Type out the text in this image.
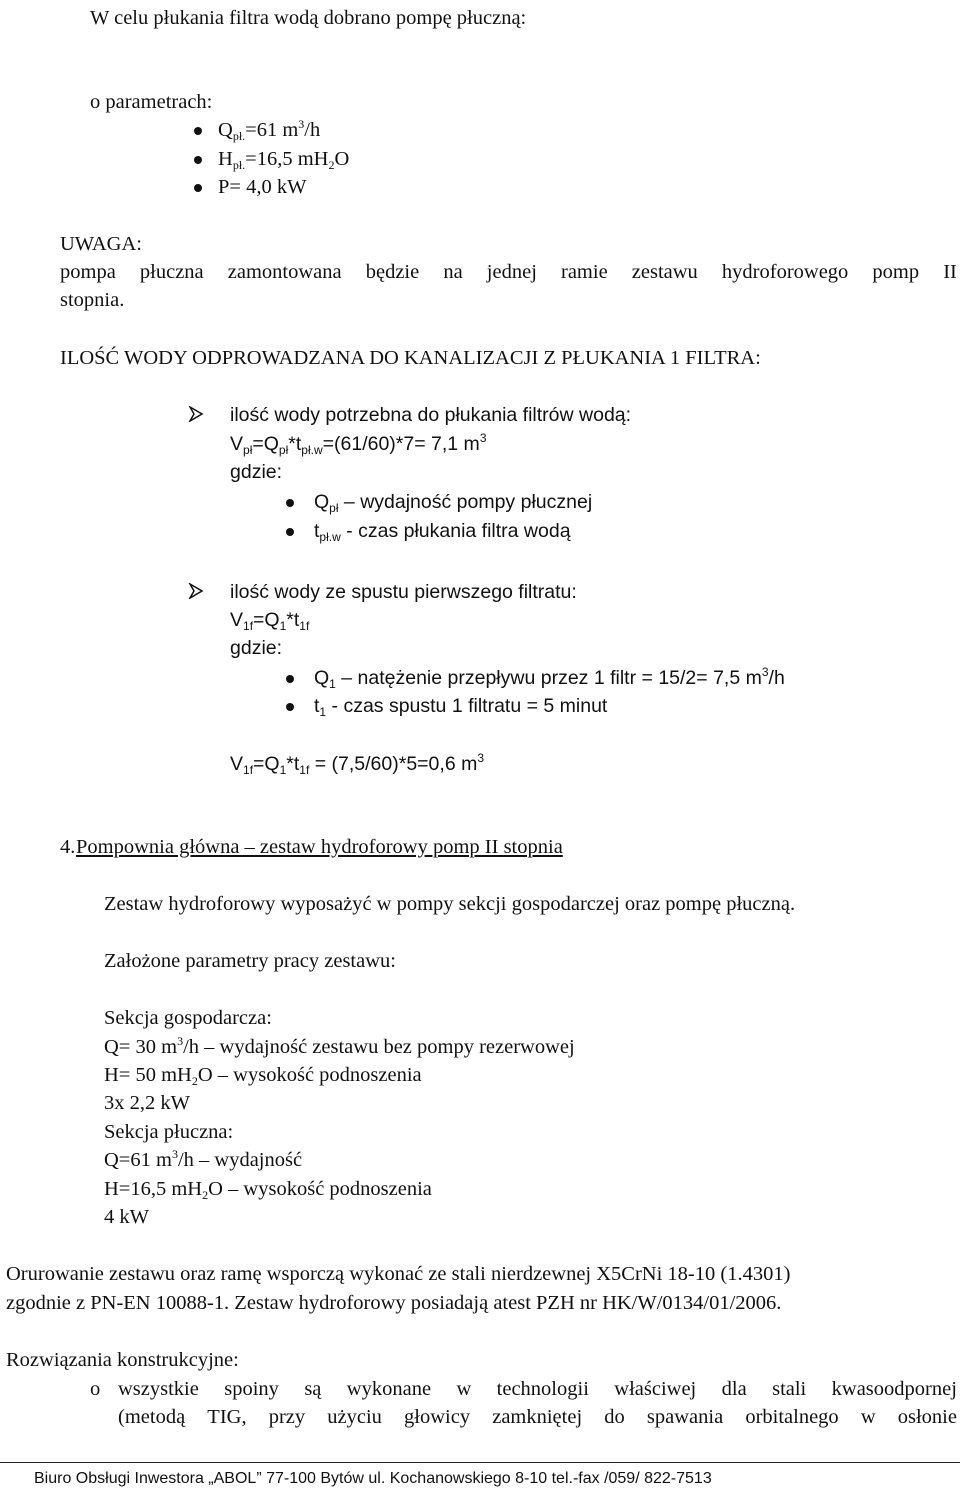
W celu płukania filtra wodą dobrano pompę płuczną:
o parametrach:
Qpł.=61 $m^3/h$
Hpł.=16,5 mH2O
P= 4,0 kW
UWAGA:
pompa płuczna zamontowana będzie na jednej ramie zestawu hydroforowego pomp II
stopnia.
ILOŚĆ WODY ODPROWADZANA DO KANALIZACJI Z PŁUKANIA 1 FILTRA:
ilość wody potrzebna do płukania filtrów wodą:
$V_{pł}=Q_{pł}*t_{pł.w}=(61/60)*7= 7,1$ $m^3$
gdzie:
$Q_{pł}$ – wydajność pompy płucznej
$t_{pł.w}$ - czas płukania filtra wodą
ilość wody ze spustu pierwszego filtratu:
$V_{1f}=Q_1*t_{1f}$
gdzie:
$Q_1$ – natężenie przepływu przez 1 filtr = 15/2= 7,5 $m^3/h$
$t_1$ - czas spustu 1 filtratu = 5 minut
$V_{1f}=Q_1*t_{1f} = (7,5/60)*5=0,6$ $m^3$
4. Pompownia główna – zestaw hydroforowy pomp II stopnia
Zestaw hydroforowy wyposażyć w pompy sekcji gospodarczej oraz pompę płuczną.
Założone parametry pracy zestawu:
Sekcja gospodarcza:
Q= 30 $m^3/h$ – wydajność zestawu bez pompy rezerwowej
H= 50 mH2O – wysokość podnoszenia
3x 2,2 kW
Sekcja płuczna:
Q=61 $m^3/h$ – wydajność
H=16,5 mH2O – wysokość podnoszenia
4 kW
Orurowanie zestawu oraz ramę wsporczą wykonać ze stali nierdzewnej X5CrNi 18-10 (1.4301)
zgodnie z PN-EN 10088-1. Zestaw hydroforowy posiadają atest PZH nr HK/W/0134/01/2006.
Rozwiązania konstrukcyjne:
o wszystkie spoiny są wykonane w technologii właściwej dla stali kwasoodpornej
(metodą TIG, przy użyciu głowicy zamkniętej do spawania orbitalnego w osłonie
Biuro Obsługi Inwestora „ABOL” 77-100 Bytów ul. Kochanowskiego 8-10 tel.-fax /059/ 822-7513
